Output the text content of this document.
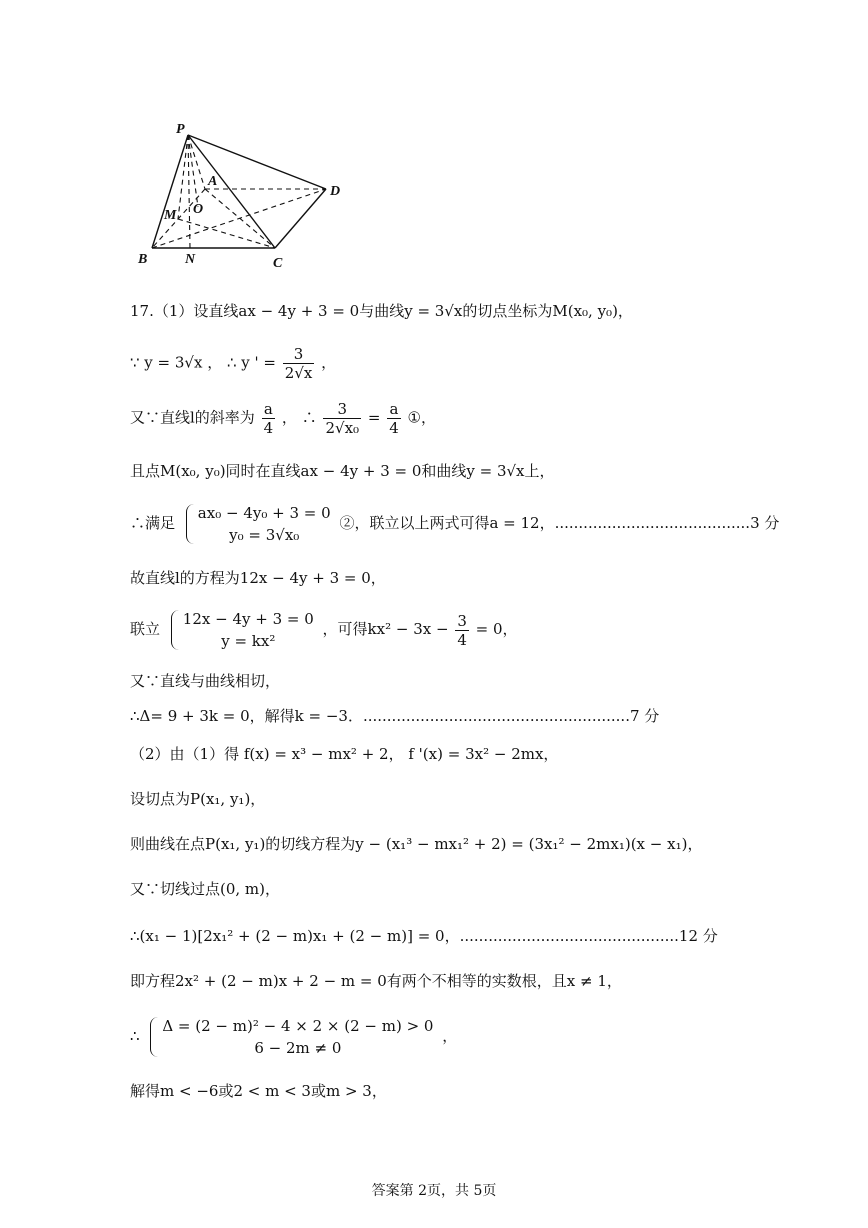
P
A
D
M O
B	N	C
17.（1）设直线ax − 4y + 3 = 0与曲线y = 3√x的切点坐标为M(x₀, y₀)，
∵ y = 3√x ， ∴ y ' = $\frac{3}{2√x}$ ，
又∵直线l的斜率为 $\frac{a}{4}$ ， ∴ $\frac{3}{\text{2√x₀}} = \frac{a}{4}$ ①，
且点M(x₀, y₀)同时在直线ax − 4y + 3 = 0和曲线y = 3√x上，
∴满足
ax₀ − 4y₀ + 3 = 0
y₀ = 3√x₀
②，联立以上两式可得a = 12，.........................................3 分
故直线l的方程为12x − 4y + 3 = 0，
联立
12x − 4y + 3 = 0
y = kx²
，可得$kx^2 - 3x - \frac{3}{4} = 0$，
又∵直线与曲线相切，
∴Δ= 9 + 3k = 0，解得k = −3．........................................................7 分
（2）由（1）得 f(x) = x³ − mx² + 2， f '(x) = 3x² − 2mx，
设切点为P(x₁, y₁)，
则曲线在点P(x₁, y₁)的切线方程为y − (x₁³ − mx₁² + 2) = (3x₁² − 2mx₁)(x − x₁)，
又∵切线过点(0, m)，
∴(x₁ − 1)[2x₁² + (2 − m)x₁ + (2 − m)] = 0，..............................................12 分
即方程2x² + (2 − m)x + 2 − m = 0有两个不相等的实数根，且x ≠ 1，
∴
Δ = (2 − m)² − 4 × 2 × (2 − m) > 0
6 − 2m ≠ 0
，
解得m < −6或2 < m < 3或m > 3，
答案第 2页，共 5页
